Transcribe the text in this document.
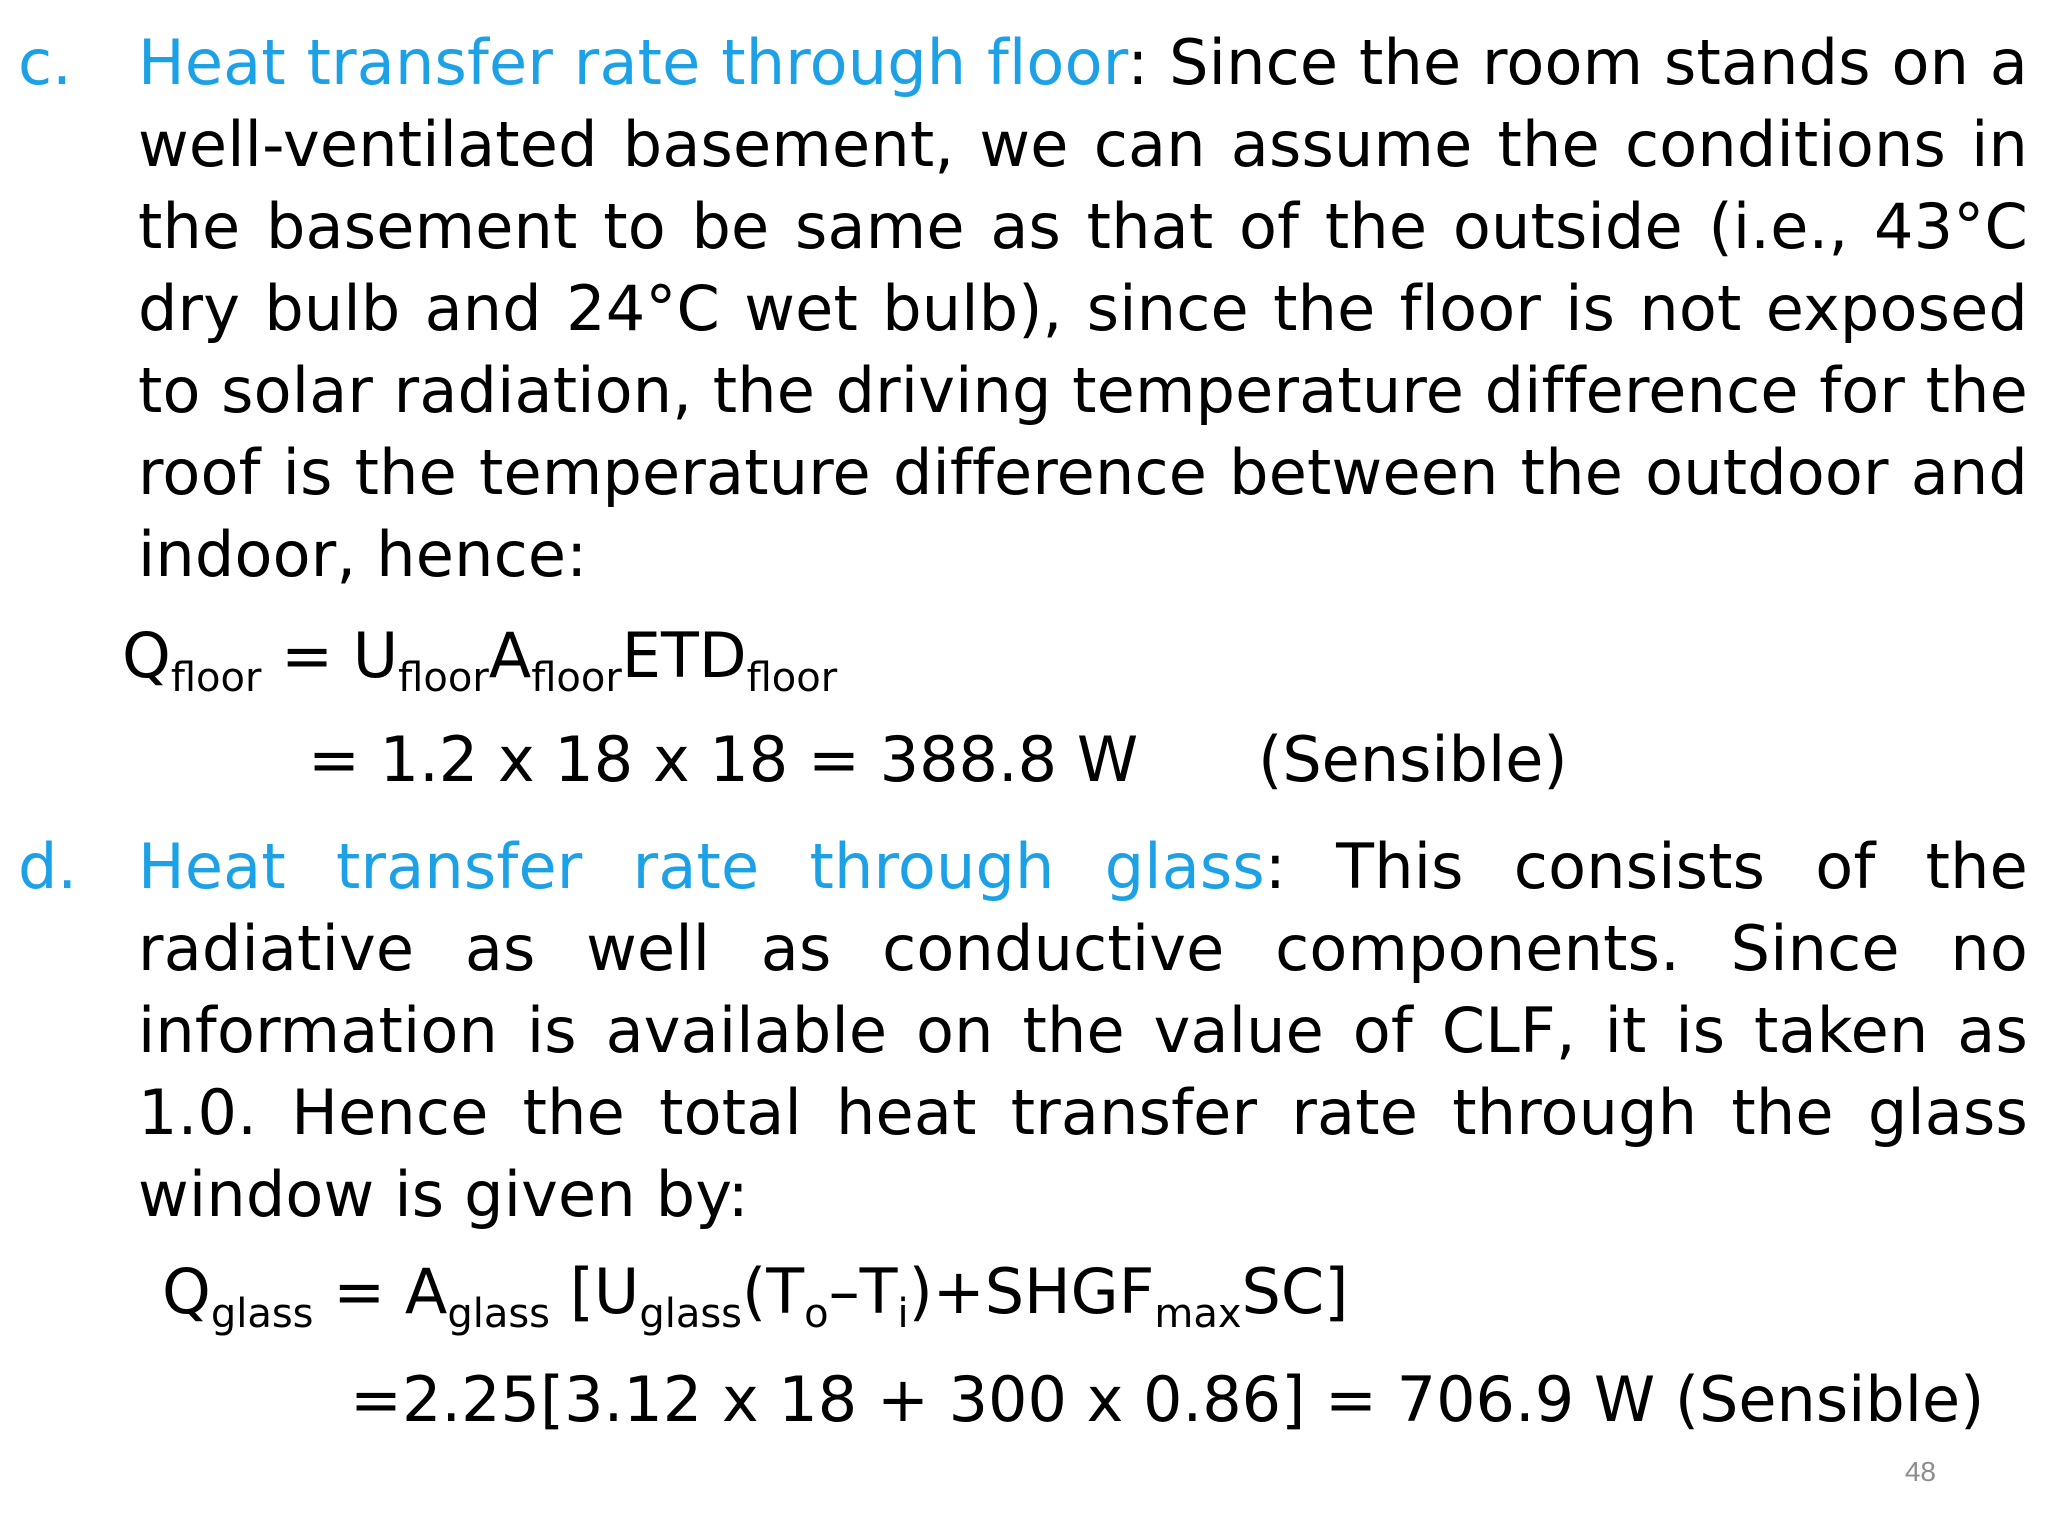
c. Heat transfer rate through floor: Since the room stands on a well-ventilated basement, we can assume the conditions in the basement to be same as that of the outside (i.e., 43°C dry bulb and 24°C wet bulb), since the floor is not exposed to solar radiation, the driving temperature difference for the roof is the temperature difference between the outdoor and indoor, hence:
$Q_{floor} = U_{floor}A_{floor}ETD_{floor}$
= 1.2 x 18 x 18 = 388.8 W (Sensible)
d. Heat transfer rate through glass: This consists of the radiative as well as conductive components. Since no information is available on the value of CLF, it is taken as 1.0. Hence the total heat transfer rate through the glass window is given by:
$Q_{glass} = A_{glass}$ $[U_{glass}(T_o-T_i)+SHGF_{max}SC]$
=2.25[3.12 x 18 + 300 x 0.86] = 706.9 W (Sensible)
48
